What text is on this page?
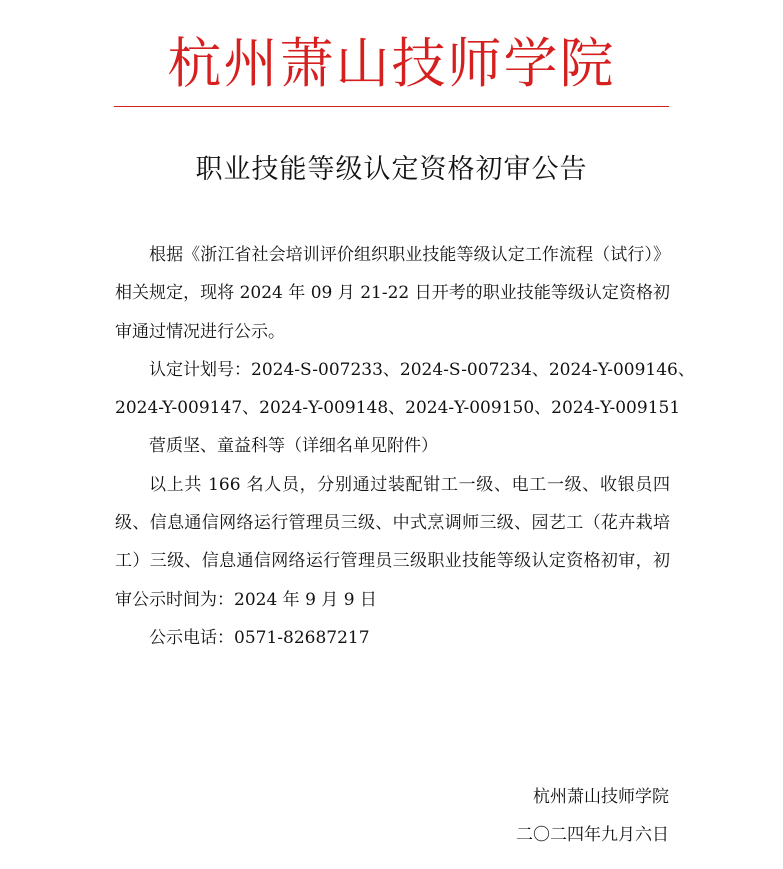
杭州萧山技师学院
职业技能等级认定资格初审公告

根据《浙江省社会培训评价组织职业技能等级认定工作流程（试行）》相关规定，现将 2024 年 09 月 21-22 日开考的职业技能等级认定资格初审通过情况进行公示。

认定计划号：2024-S-007233、2024-S-007234、2024-Y-009146、

2024-Y-009147、2024-Y-009148、2024-Y-009150、2024-Y-009151

菅质坚、童益科等（详细名单见附件）

以上共 166 名人员，分别通过装配钳工一级、电工一级、收银员四级、信息通信网络运行管理员三级、中式烹调师三级、园艺工（花卉栽培工）三级、信息通信网络运行管理员三级职业技能等级认定资格初审，初审公示时间为：2024 年 9 月 9 日

公示电话：0571-82687217

杭州萧山技师学院
二〇二四年九月六日
